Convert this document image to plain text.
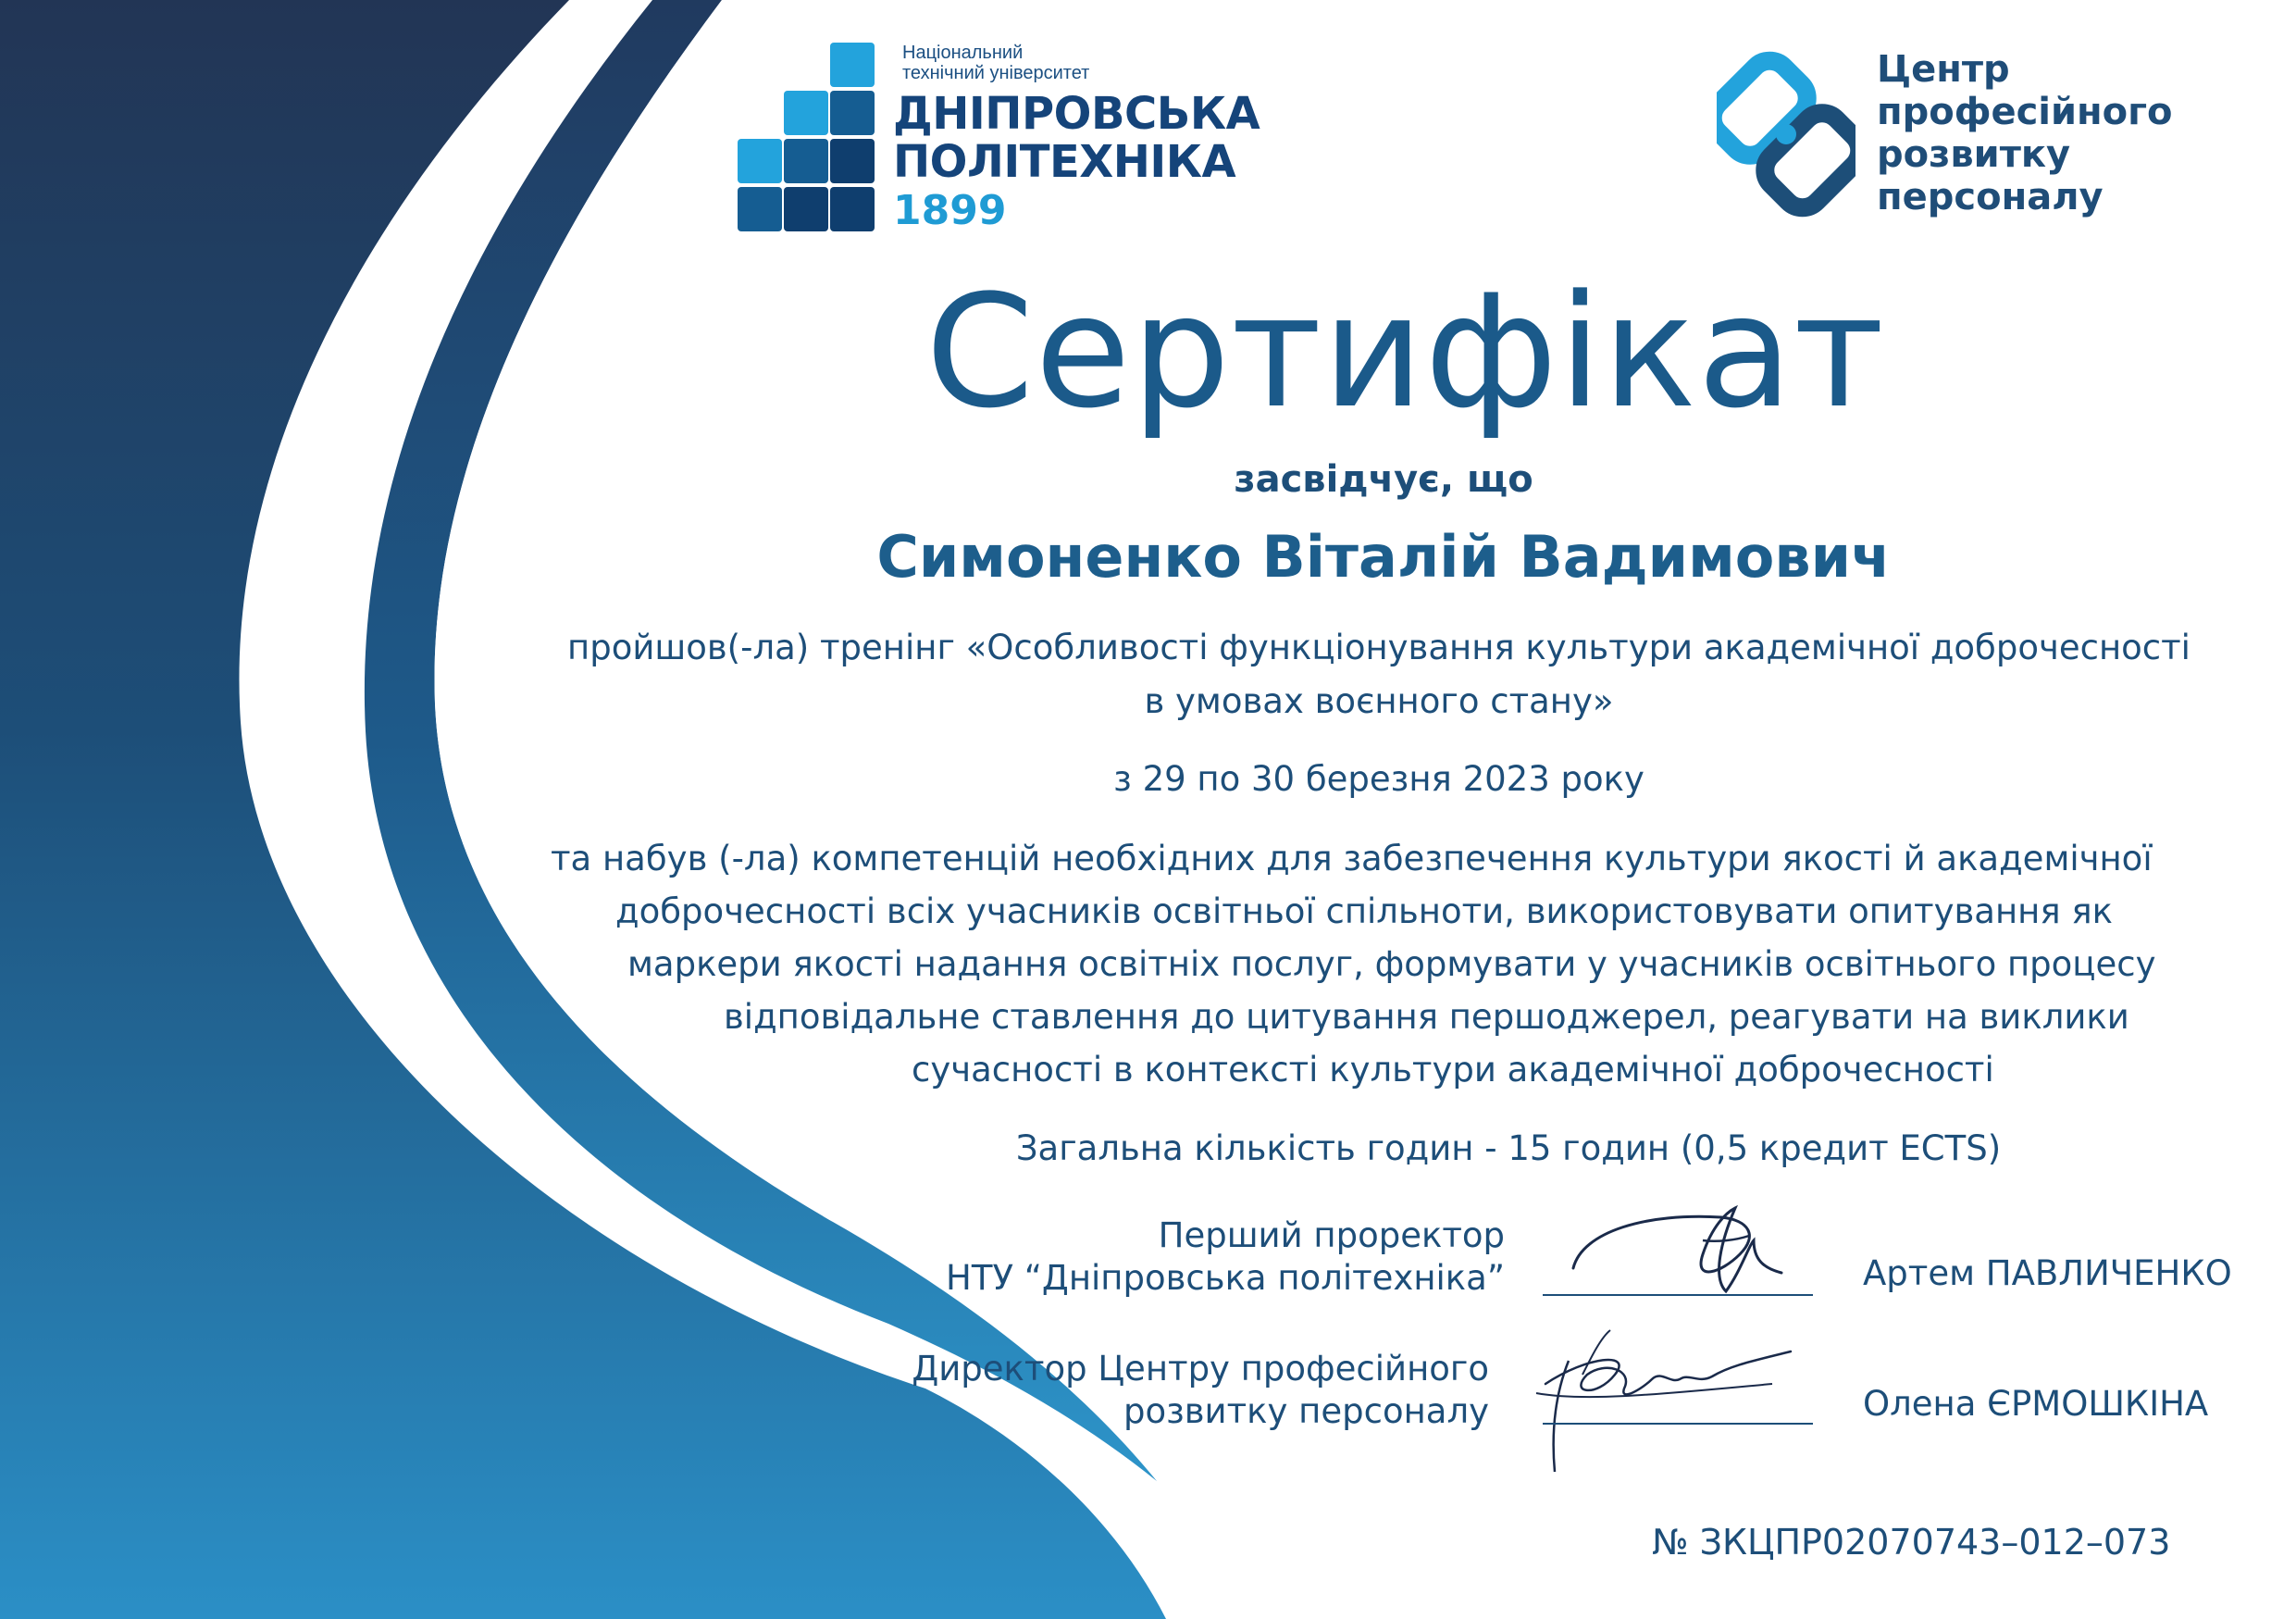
Національний
технічний університет
ДНІПРОВСЬКА
ПОЛІТЕХНІКА
1899
Центр
професійного
розвитку
персоналу
Сертифікат
засвідчує, що
Симоненко Віталій Вадимович
пройшов(-ла) тренінг «Особливості функціонування культури академічної доброчесності
в умовах воєнного стану»
з 29 по 30 березня 2023 року
та набув (-ла) компетенцій необхідних для забезпечення культури якості й академічної
доброчесності всіх учасників освітньої спільноти, використовувати опитування як
маркери якості надання освітніх послуг, формувати у учасників освітнього процесу
відповідальне ставлення до цитування першоджерел, реагувати на виклики
сучасності в контексті культури академічної доброчесності
Загальна кількість годин - 15 годин (0,5 кредит ECTS)
Перший проректор
НТУ “Дніпровська політехніка”	Артем ПАВЛИЧЕНКО
Директор Центру професійного
розвитку персоналу	Олена ЄРМОШКІНА
№ ЗКЦПР02070743–012–073
